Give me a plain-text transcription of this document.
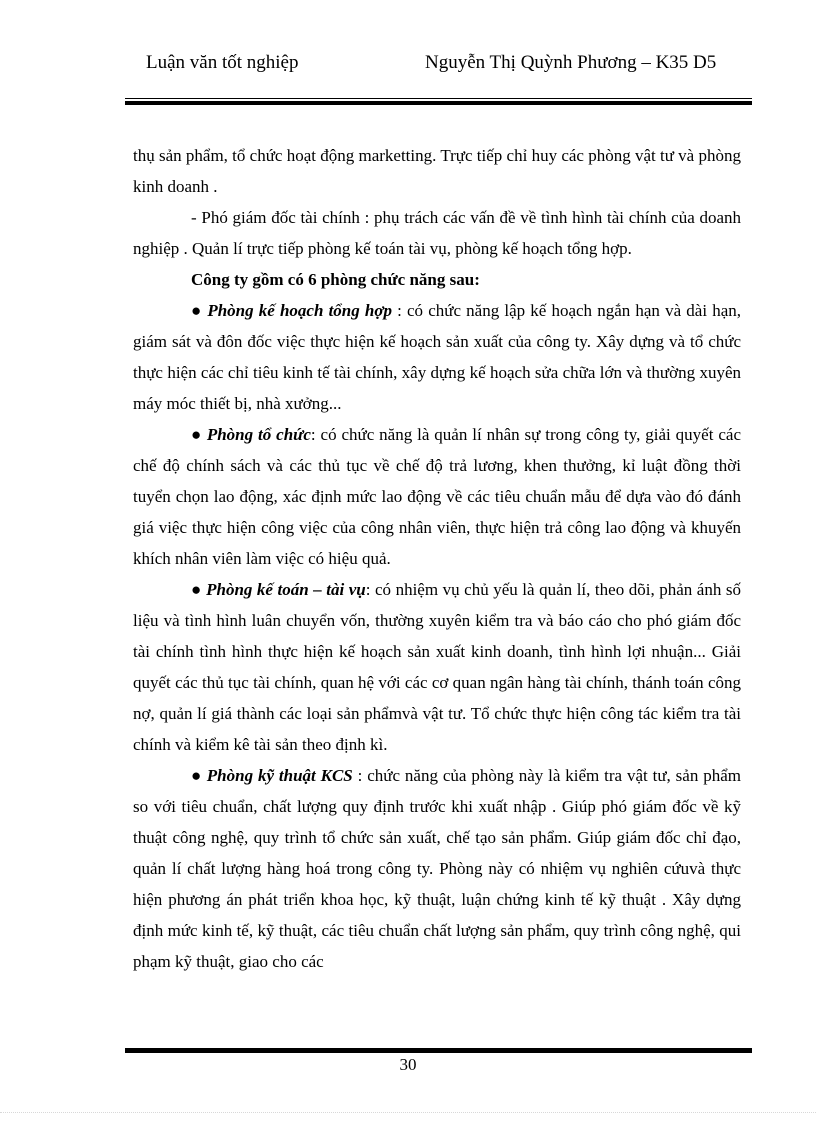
Luận văn tốt nghiệp	Nguyễn Thị Quỳnh Phương – K35 D5

thụ sản phẩm, tổ chức hoạt động marketting. Trực tiếp chỉ huy các phòng vật tư và phòng kinh doanh .

- Phó giám đốc tài chính : phụ trách các vấn đề về tình hình tài chính của doanh nghiệp . Quản lí trực tiếp phòng kế toán tài vụ, phòng kế hoạch tổng hợp.

Công ty gồm có 6 phòng chức năng sau:

● Phòng kế hoạch tổng hợp : có chức năng lập kế hoạch ngắn hạn và dài hạn, giám sát và đôn đốc việc thực hiện kế hoạch sản xuất của công ty. Xây dựng và tổ chức thực hiện các chỉ tiêu kinh tế tài chính, xây dựng kế hoạch sửa chữa lớn và thường xuyên máy móc thiết bị, nhà xưởng...

● Phòng tổ chức: có chức năng là quản lí nhân sự trong công ty, giải quyết các chế độ chính sách và các thủ tục về chế độ trả lương, khen thưởng, kỉ luật đồng thời tuyển chọn lao động, xác định mức lao động về các tiêu chuẩn mẫu để dựa vào đó đánh giá việc thực hiện công việc của công nhân viên, thực hiện trả công lao động và khuyến khích nhân viên làm việc có hiệu quả.

● Phòng kế toán – tài vụ: có nhiệm vụ chủ yếu là quản lí, theo dõi, phản ánh số liệu và tình hình luân chuyển vốn, thường xuyên kiểm tra và báo cáo cho phó giám đốc tài chính tình hình thực hiện kế hoạch sản xuất kinh doanh, tình hình lợi nhuận... Giải quyết các thủ tục tài chính, quan hệ với các cơ quan ngân hàng tài chính, thánh toán công nợ, quản lí giá thành các loại sản phẩmvà vật tư. Tổ chức thực hiện công tác kiểm tra tài chính và kiểm kê tài sản theo định kì.

● Phòng kỹ thuật KCS : chức năng của phòng này là kiểm tra vật tư, sản phẩm so với tiêu chuẩn, chất lượng quy định trước khi xuất nhập . Giúp phó giám đốc về kỹ thuật công nghệ, quy trình tổ chức sản xuất, chế tạo sản phẩm. Giúp giám đốc chỉ đạo, quản lí chất lượng hàng hoá trong công ty. Phòng này có nhiệm vụ nghiên cứuvà thực hiện phương án phát triển khoa học, kỹ thuật, luận chứng kinh tế kỹ thuật . Xây dựng định mức kinh tế, kỹ thuật, các tiêu chuẩn chất lượng sản phẩm, quy trình công nghệ, qui phạm kỹ thuật, giao cho các

30
